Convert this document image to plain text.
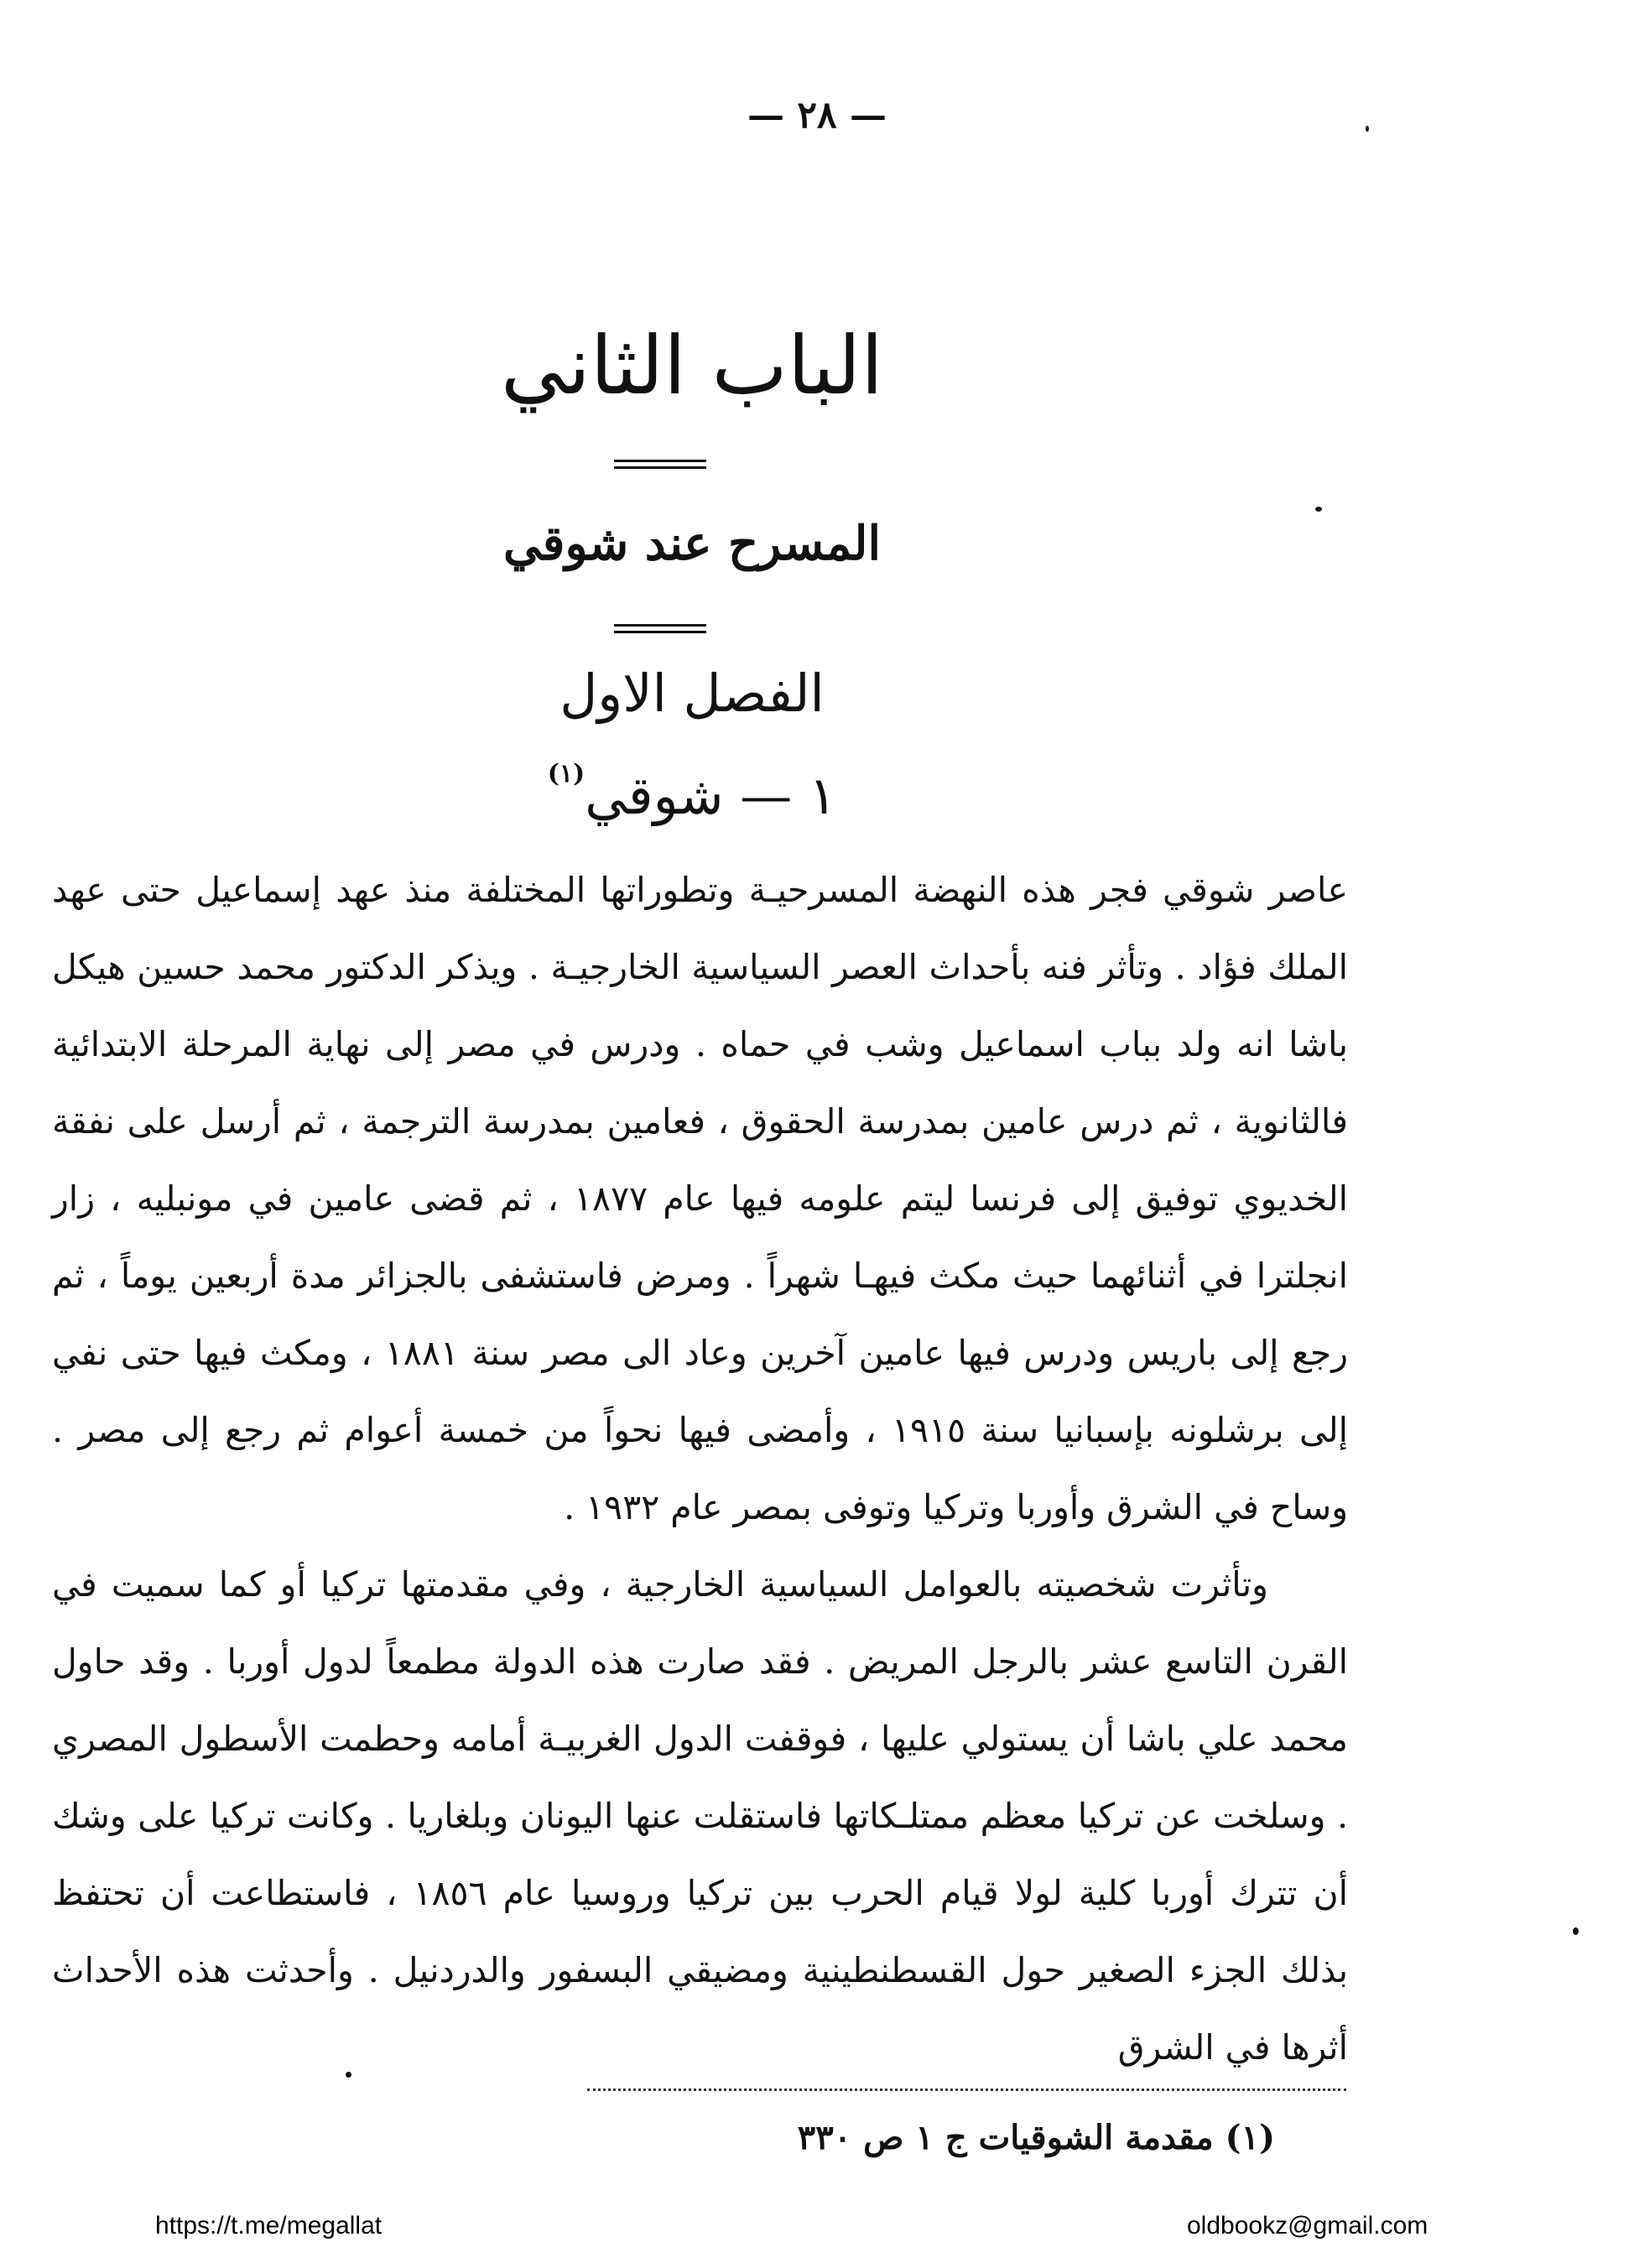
— ٢٨ —
الباب الثاني
المسرح عند شوقي
الفصل الاول
١ — شوقي$^{(١)}$

عاصر شوقي فجر هذه النهضة المسرحيـة وتطوراتها المختلفة منذ عهد إسماعيل حتى عهد الملك فؤاد . وتأثر فنه بأحداث العصر السياسية الخارجيـة . ويذكر الدكتور محمد حسين هيكل باشا انه ولد بباب اسماعيل وشب في حماه . ودرس في مصر إلى نهاية المرحلة الابتدائية فالثانوية ، ثم درس عامين بمدرسة الحقوق ، فعامين بمدرسة الترجمة ، ثم أرسل على نفقة الخديوي توفيق إلى فرنسا ليتم علومه فيها عام ١٨٧٧ ، ثم قضى عامين في مونبليه ، زار انجلترا في أثنائهما حيث مكث فيهـا شهراً . ومرض فاستشفى بالجزائر مدة أربعين يوماً ، ثم رجع إلى باريس ودرس فيها عامين آخرين وعاد الى مصر سنة ١٨٨١ ، ومكث فيها حتى نفي إلى برشلونه بإسبانيا سنة ١٩١٥ ، وأمضى فيها نحواً من خمسة أعوام ثم رجع إلى مصر . وساح في الشرق وأوربا وتركيا وتوفى بمصر عام ١٩٣٢ .

وتأثرت شخصيته بالعوامل السياسية الخارجية ، وفي مقدمتها تركيا أو كما سميت في القرن التاسع عشر بالرجل المريض . فقد صارت هذه الدولة مطمعاً لدول أوربا . وقد حاول محمد علي باشا أن يستولي عليها ، فوقفت الدول الغربيـة أمامه وحطمت الأسطول المصري . وسلخت عن تركيا معظم ممتلـكاتها فاستقلت عنها اليونان وبلغاريا . وكانت تركيا على وشك أن تترك أوربا كلية لولا قيام الحرب بين تركيا وروسيا عام ١٨٥٦ ، فاستطاعت أن تحتفظ بذلك الجزء الصغير حول القسطنطينية ومضيقي البسفور والدردنيل . وأحدثت هذه الأحداث أثرها في الشرق

(١) مقدمة الشوقيات ج ١ ص ٣٣٠
https://t.me/megallat	oldbookz@gmail.com
